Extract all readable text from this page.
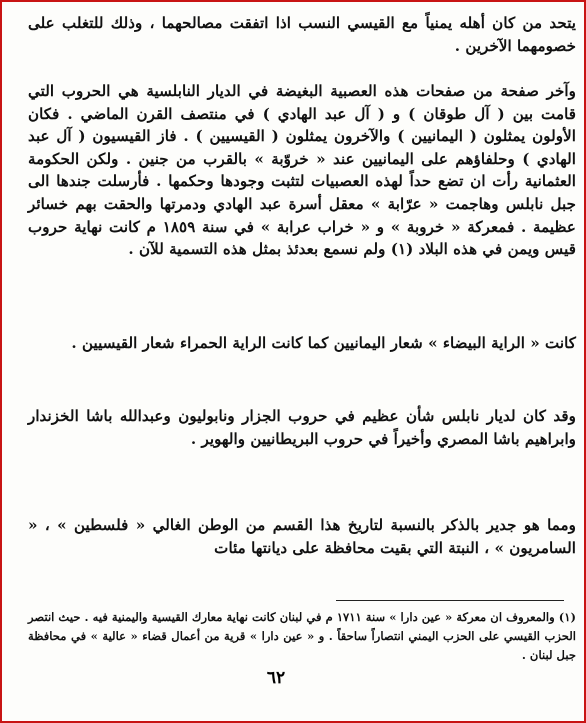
يتحد من كان أهله يمنياً مع القيسي النسب اذا اتفقت مصالحهما ، وذلك للتغلب على خصومهما الآخرين .

وآخر صفحة من صفحات هذه العصبية البغيضة في الديار النابلسية هي الحروب التي قامت بين ( آل طوقان ) و ( آل عبد الهادي ) في منتصف القرن الماضي . فكان الأولون يمثلون ( اليمانيين ) والآخرون يمثلون ( القيسيين ) . فاز القيسيون ( آل عبد الهادي ) وحلفاؤهم على اليمانيين عند « خروّبة » بالقرب من جنين . ولكن الحكومة العثمانية رأت ان تضع حداً لهذه العصبيات لتثبت وجودها وحكمها . فأرسلت جندها الى جبل نابلس وهاجمت « عرّابة » معقل أسرة عبد الهادي ودمرتها والحقت بهم خسائر عظيمة . فمعركة « خروبة » و « خراب عرابة » في سنة ١٨٥٩ م كانت نهاية حروب قيس ويمن في هذه البلاد (١) ولم نسمع بعدئذ بمثل هذه التسمية للآن .

كانت « الراية البيضاء » شعار اليمانيين كما كانت الراية الحمراء شعار القيسيين .

وقد كان لديار نابلس شأن عظيم في حروب الجزار ونابوليون وعبدالله باشا الخزندار وابراهيم باشا المصري وأخيراً في حروب البريطانيين والهوير .

ومما هو جدير بالذكر بالنسبة لتاريخ هذا القسم من الوطن الغالي « فلسطين » ، « السامريون » ، النبتة التي بقيت محافظة على ديانتها مئات

(١) والمعروف ان معركة « عين دارا » سنة ١٧١١ م في لبنان كانت نهاية معارك القيسية واليمنية فيه . حيث انتصر الحزب القيسي على الحزب اليمني انتصاراً ساحقاً . و « عين دارا » قرية من أعمال قضاء « عالية » في محافظة جبل لبنان .

٦٢
